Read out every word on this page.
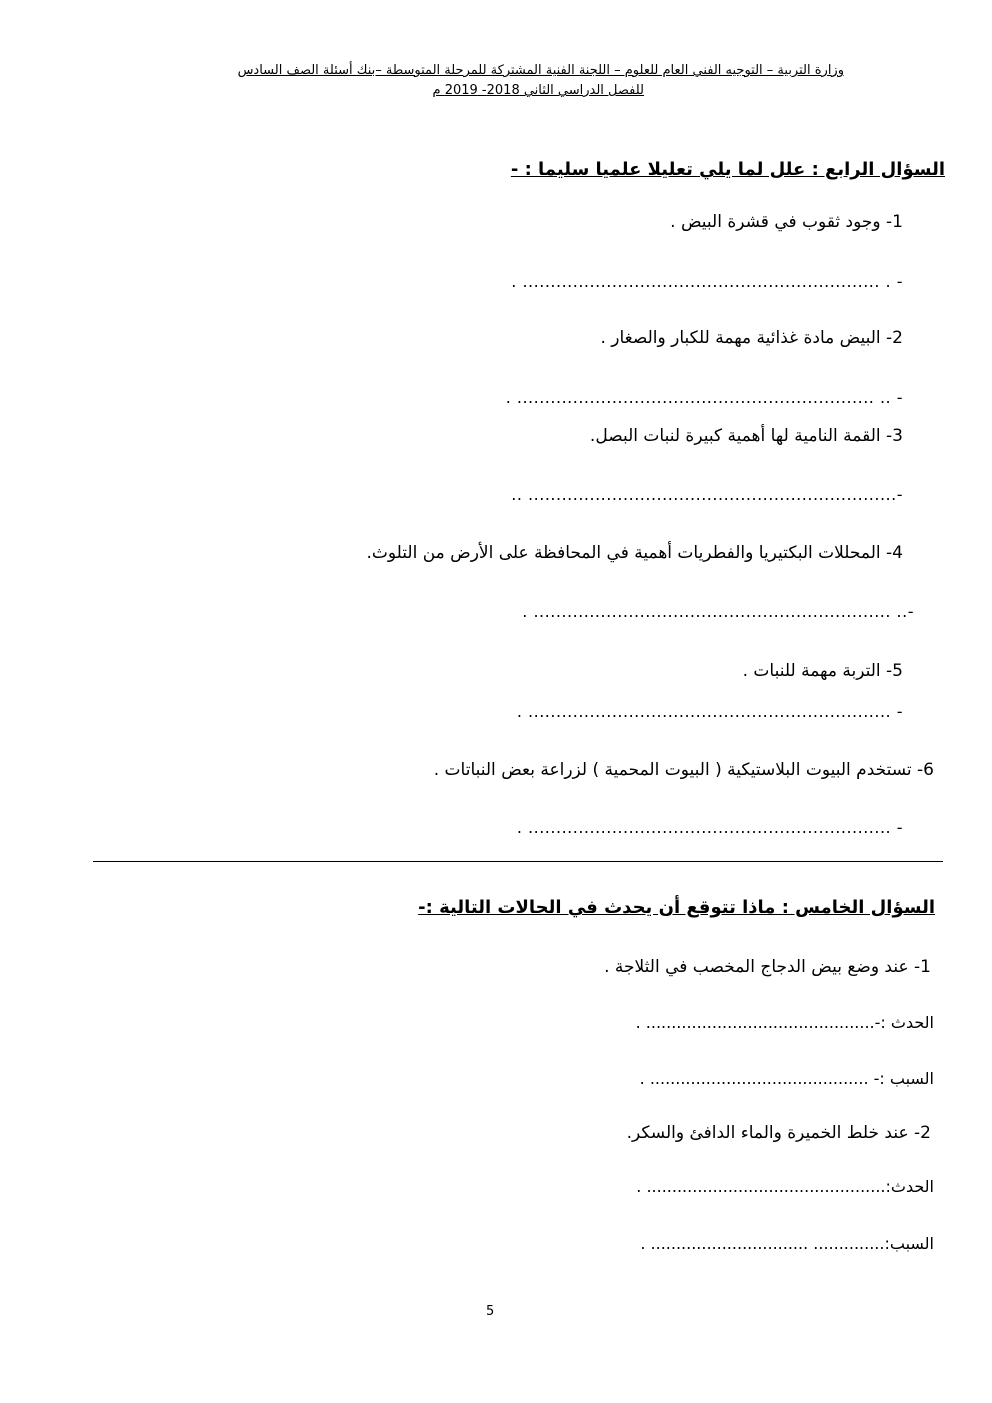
وزارة التربية – التوجيه الفني العام للعلوم – اللجنة الفنية المشتركة للمرحلة المتوسطة –بنك أسئلة الصف السادس
للفصل الدراسي الثاني 2018- 2019 م
السؤال الرابع : علل لما يلي تعليلا علميا سليما : -
1- وجود ثقوب في قشرة البيض .
- . ................................................................ .
2- البيض مادة غذائية مهمة للكبار والصغار .
- .. ................................................................ .
3- القمة النامية لها أهمية كبيرة لنبات البصل.
-.................................................................. ..
4- المحللات البكتيريا والفطريات أهمية في المحافظة على الأرض من التلوث.
-.. ................................................................ .
5- التربة مهمة للنبات .
- ................................................................. .
6- تستخدم البيوت البلاستيكية ( البيوت المحمية ) لزراعة بعض النباتات .
- ................................................................. .
السؤال الخامس : ماذا تتوقع أن يحدث في الحالات التالية :-
1- عند وضع بيض الدجاج المخصب في الثلاجة .
الحدث :-............................................. .
السبب :- ........................................... .
2- عند خلط الخميرة والماء الدافئ والسكر.
الحدث:............................................... .
السبب:.............. ............................... .
5
